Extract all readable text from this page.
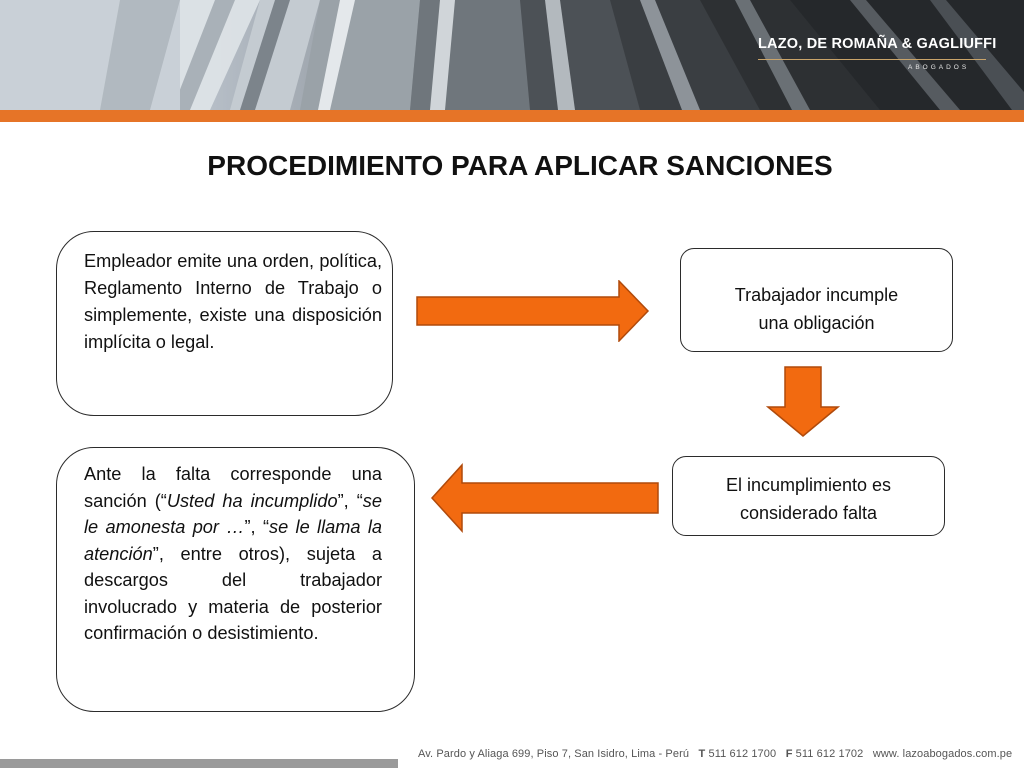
LAZO, DE ROMAÑA & GAGLIUFFI
ABOGADOS
PROCEDIMIENTO PARA APLICAR SANCIONES
Empleador emite una orden, política, Reglamento Interno de Trabajo o simplemente, existe una disposición implícita o legal.
Trabajador incumple
una obligación
El incumplimiento es
considerado falta
Ante la falta corresponde una sanción (“Usted ha incumplido”, “se le amonesta por …”, “se le llama la atención”, entre otros), sujeta a descargos del trabajador involucrado y materia de posterior confirmación o desistimiento.
Av. Pardo y Aliaga 699, Piso 7, San Isidro, Lima - Perú T 511 612 1700 F 511 612 1702 www. lazoabogados.com.pe
